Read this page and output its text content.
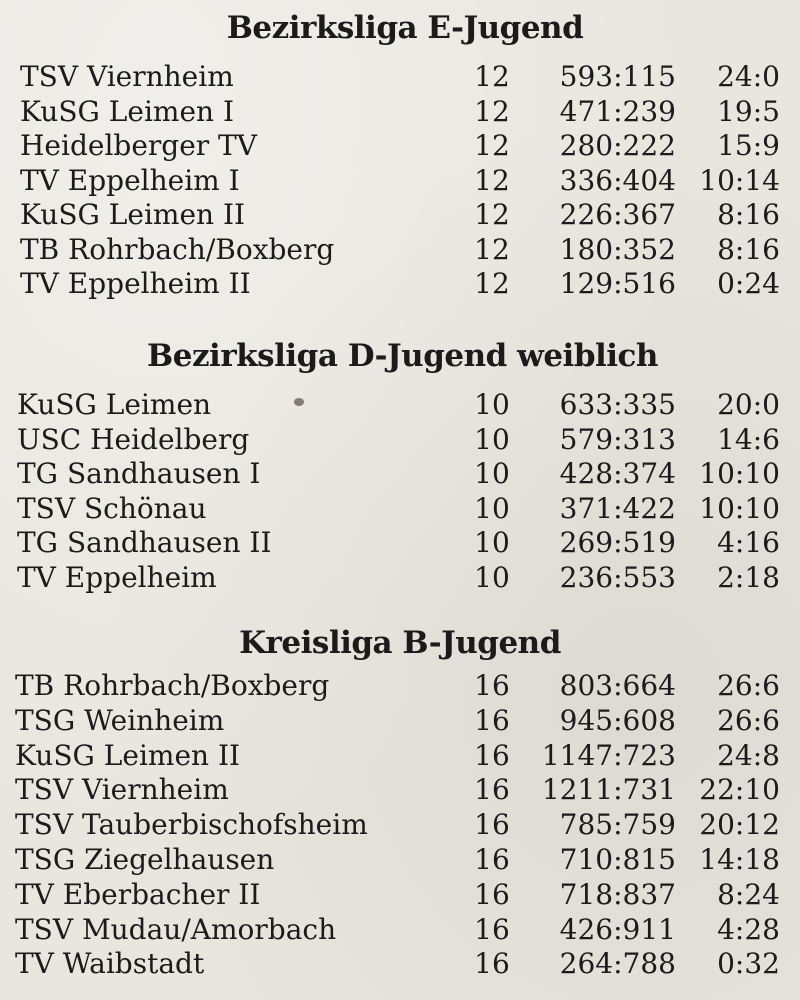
Bezirksliga E-Jugend
TSV Viernheim	12	593:115	24:0
KuSG Leimen I	12	471:239	19:5
Heidelberger TV	12	280:222	15:9
TV Eppelheim I	12	336:404 10:14
KuSG Leimen II	12	226:367	8:16
TB Rohrbach/Boxberg	12	180:352	8:16
TV Eppelheim II	12	129:516	0:24
Bezirksliga D-Jugend weiblich
KuSG Leimen	10	633:335	20:0
USC Heidelberg	10	579:313	14:6
TG Sandhausen I	10	428:374 10:10
TSV Schönau	10	371:422 10:10
TG Sandhausen II	10	269:519	4:16
TV Eppelheim	10	236:553	2:18
Kreisliga B-Jugend
TB Rohrbach/Boxberg	16	803:664	26:6
TSG Weinheim	16	945:608	26:6
KuSG Leimen II	16	1147:723	24:8
TSV Viernheim	16	1211:731 22:10
TSV Tauberbischofsheim	16	785:759 20:12
TSG Ziegelhausen	16	710:815 14:18
TV Eberbacher II	16	718:837	8:24
TSV Mudau/Amorbach	16	426:911	4:28
TV Waibstadt	16	264:788	0:32
